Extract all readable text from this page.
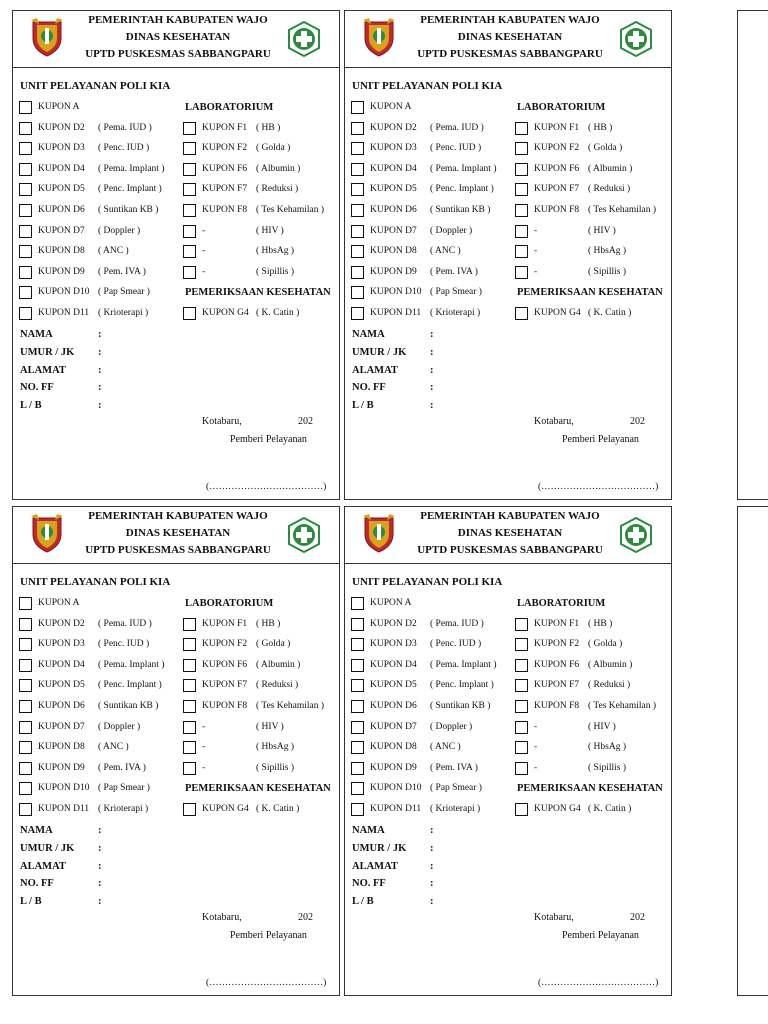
PEMERINTAH KABUPATEN WAJO
DINAS KESEHATAN
UPTD PUSKESMAS SABBANGPARU
UNIT PELAYANAN POLI KIA
KUPON A
KUPON D2 ( Pema. IUD )
KUPON D3 ( Penc. IUD )
KUPON D4 ( Pema. Implant )
KUPON D5 ( Penc. Implant )
KUPON D6 ( Suntikan KB )
KUPON D7 ( Doppler )
KUPON D8 ( ANC )
KUPON D9 ( Pem. IVA )
KUPON D10 ( Pap Smear )
KUPON D11 ( Krioterapi )
LABORATORIUM
KUPON F1 ( HB )
KUPON F2 ( Golda )
KUPON F6 ( Albumin )
KUPON F7 ( Reduksi )
KUPON F8 ( Tes Kehamilan )
-	( HIV )
-	( HbsAg )
-	( Sipillis )
PEMERIKSAAN KESEHATAN
KUPON G4 ( K. Catin )
NAMA	:
UMUR / JK :
ALAMAT	:
NO. FF	:
L / B	:
Kotabaru,	202
Pemberi Pelayanan
(………………………………)
PEMERINTAH KABUPATEN WAJO
DINAS KESEHATAN
UPTD PUSKESMAS SABBANGPARU
UNIT PELAYANAN POLI KIA
KUPON A
KUPON D2 ( Pema. IUD )
KUPON D3 ( Penc. IUD )
KUPON D4 ( Pema. Implant )
KUPON D5 ( Penc. Implant )
KUPON D6 ( Suntikan KB )
KUPON D7 ( Doppler )
KUPON D8 ( ANC )
KUPON D9 ( Pem. IVA )
KUPON D10 ( Pap Smear )
KUPON D11 ( Krioterapi )
LABORATORIUM
KUPON F1 ( HB )
KUPON F2 ( Golda )
KUPON F6 ( Albumin )
KUPON F7 ( Reduksi )
KUPON F8 ( Tes Kehamilan )
-	( HIV )
-	( HbsAg )
-	( Sipillis )
PEMERIKSAAN KESEHATAN
KUPON G4 ( K. Catin )
NAMA	:
UMUR / JK :
ALAMAT	:
NO. FF	:
L / B	:
Kotabaru,	202
Pemberi Pelayanan
(………………………………)
PEMERINTAH KABUPATEN WAJO
DINAS KESEHATAN
UPTD PUSKESMAS SABBANGPARU
UNIT PELAYANAN POLI KIA
KUPON A
KUPON D2 ( Pema. IUD )
KUPON D3 ( Penc. IUD )
KUPON D4 ( Pema. Implant )
KUPON D5 ( Penc. Implant )
KUPON D6 ( Suntikan KB )
KUPON D7 ( Doppler )
KUPON D8 ( ANC )
KUPON D9 ( Pem. IVA )
KUPON D10 ( Pap Smear )
KUPON D11 ( Krioterapi )
LABORATORIUM
KUPON F1 ( HB )
KUPON F2 ( Golda )
KUPON F6 ( Albumin )
KUPON F7 ( Reduksi )
KUPON F8 ( Tes Kehamilan )
-	( HIV )
-	( HbsAg )
-	( Sipillis )
PEMERIKSAAN KESEHATAN
KUPON G4 ( K. Catin )
NAMA	:
UMUR / JK :
ALAMAT	:
NO. FF	:
L / B	:
Kotabaru,	202
Pemberi Pelayanan
(………………………………)
PEMERINTAH KABUPATEN WAJO
DINAS KESEHATAN
UPTD PUSKESMAS SABBANGPARU
UNIT PELAYANAN POLI KIA
KUPON A
KUPON D2 ( Pema. IUD )
KUPON D3 ( Penc. IUD )
KUPON D4 ( Pema. Implant )
KUPON D5 ( Penc. Implant )
KUPON D6 ( Suntikan KB )
KUPON D7 ( Doppler )
KUPON D8 ( ANC )
KUPON D9 ( Pem. IVA )
KUPON D10 ( Pap Smear )
KUPON D11 ( Krioterapi )
LABORATORIUM
KUPON F1 ( HB )
KUPON F2 ( Golda )
KUPON F6 ( Albumin )
KUPON F7 ( Reduksi )
KUPON F8 ( Tes Kehamilan )
-	( HIV )
-	( HbsAg )
-	( Sipillis )
PEMERIKSAAN KESEHATAN
KUPON G4 ( K. Catin )
NAMA	:
UMUR / JK :
ALAMAT	:
NO. FF	:
L / B	:
Kotabaru,	202
Pemberi Pelayanan
(………………………………)
